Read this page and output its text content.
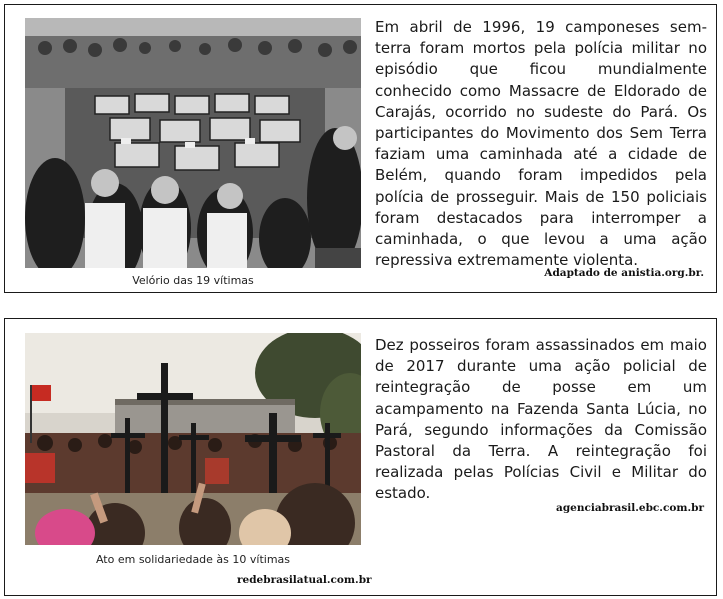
Velório das 19 vítimas
Em abril de 1996, 19 camponeses sem-terra foram mortos pela polícia militar no episódio que ficou mundialmente conhecido como Massacre de Eldorado de Carajás, ocorrido no sudeste do Pará. Os participantes do Movimento dos Sem Terra faziam uma caminhada até a cidade de Belém, quando foram impedidos pela polícia de prosseguir. Mais de 150 policiais foram destacados para interromper a caminhada, o que levou a uma ação repressiva extremamente violenta.
Adaptado de anistia.org.br.
Ato em solidariedade às 10 vítimas
redebrasilatual.com.br
Dez posseiros foram assassinados em maio de 2017 durante uma ação policial de reintegração de posse em um acampamento na Fazenda Santa Lúcia, no Pará, segundo informações da Comissão Pastoral da Terra. A reintegração foi realizada pelas Polícias Civil e Militar do estado.
agenciabrasil.ebc.com.br
